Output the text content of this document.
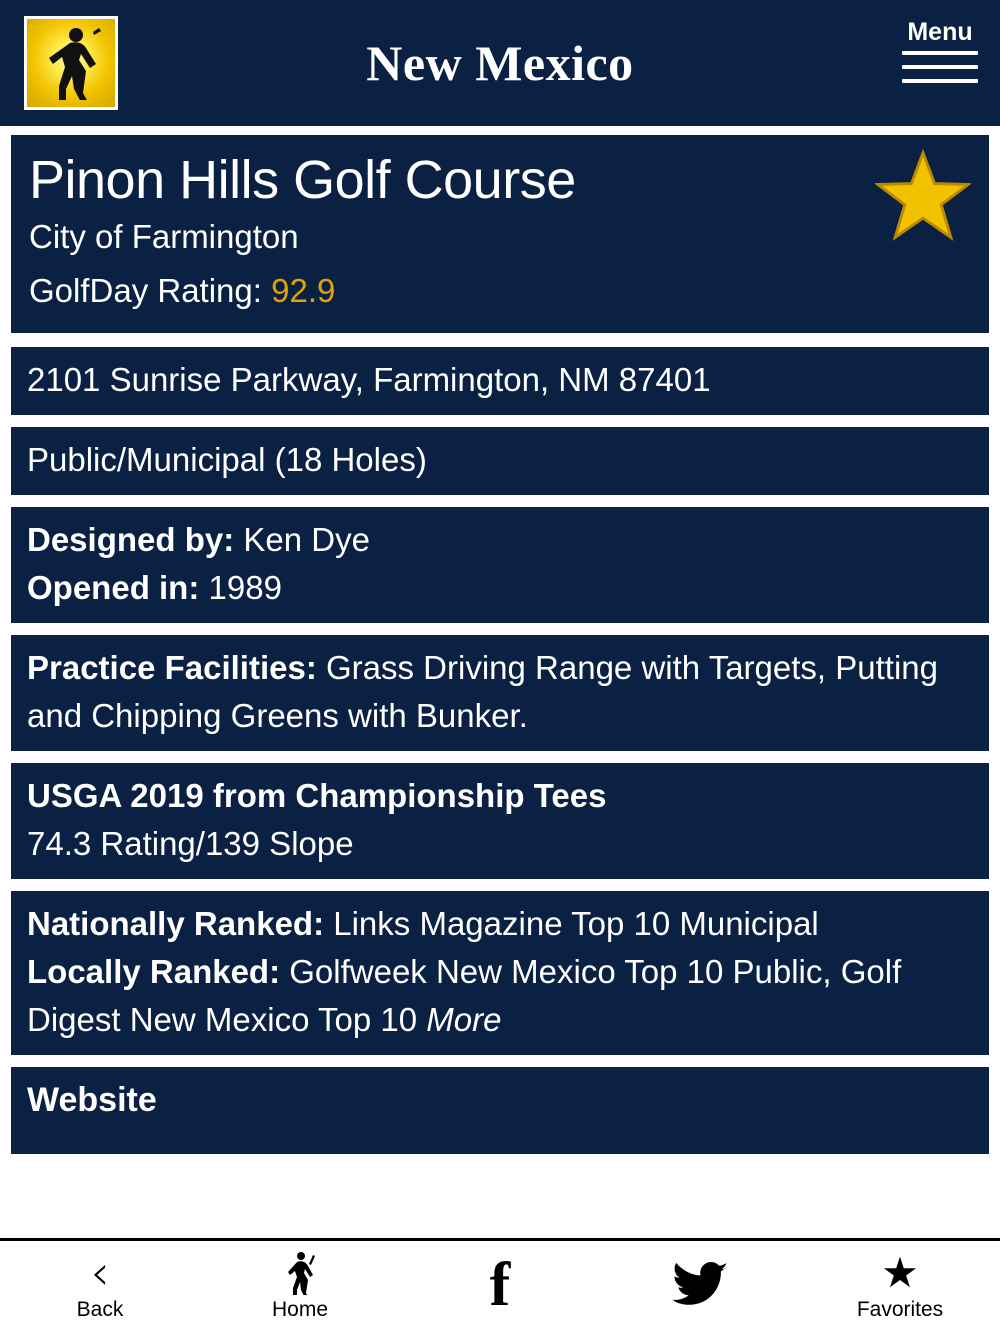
New Mexico
Menu
Pinon Hills Golf Course
City of Farmington
GolfDay Rating: 92.9
2101 Sunrise Parkway, Farmington, NM 87401
Public/Municipal (18 Holes)
Designed by: Ken Dye
Opened in: 1989
Practice Facilities: Grass Driving Range with Targets, Putting and Chipping Greens with Bunker.
USGA 2019 from Championship Tees
74.3 Rating/139 Slope
Nationally Ranked: Links Magazine Top 10 Municipal
Locally Ranked: Golfweek New Mexico Top 10 Public, Golf Digest New Mexico Top 10 More
Website
‹
Back	Home	f	★
Favorites
